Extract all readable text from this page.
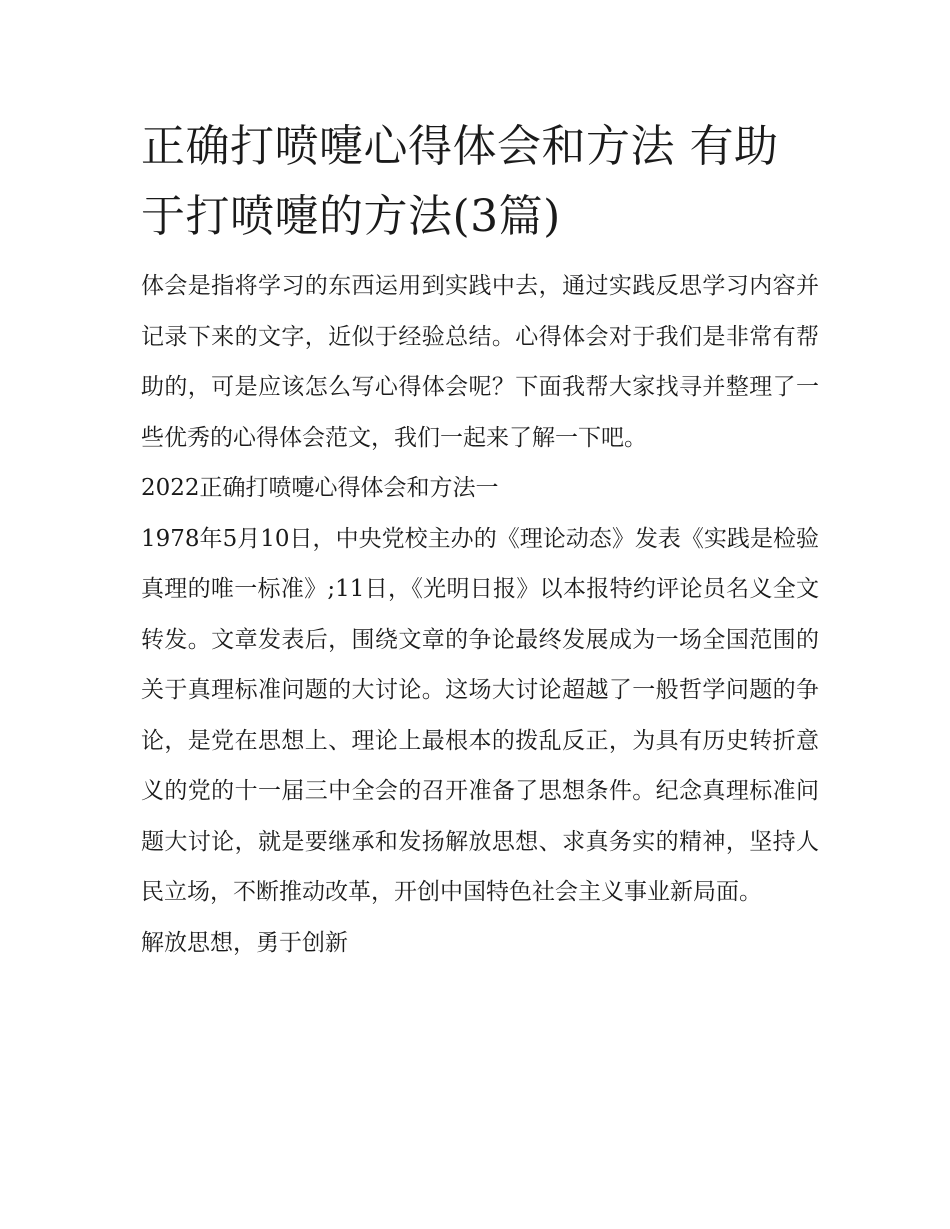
正确打喷嚏心得体会和方法 有助于打喷嚏的方法(3篇)

体会是指将学习的东西运用到实践中去，通过实践反思学习内容并记录下来的文字，近似于经验总结。心得体会对于我们是非常有帮助的，可是应该怎么写心得体会呢？下面我帮大家找寻并整理了一些优秀的心得体会范文，我们一起来了解一下吧。

2022正确打喷嚏心得体会和方法一

1978年5月10日，中央党校主办的《理论动态》发表《实践是检验真理的唯一标准》;11日，《光明日报》以本报特约评论员名义全文转发。文章发表后，围绕文章的争论最终发展成为一场全国范围的关于真理标准问题的大讨论。这场大讨论超越了一般哲学问题的争论，是党在思想上、理论上最根本的拨乱反正，为具有历史转折意义的党的十一届三中全会的召开准备了思想条件。纪念真理标准问题大讨论，就是要继承和发扬解放思想、求真务实的精神，坚持人民立场，不断推动改革，开创中国特色社会主义事业新局面。

解放思想，勇于创新
